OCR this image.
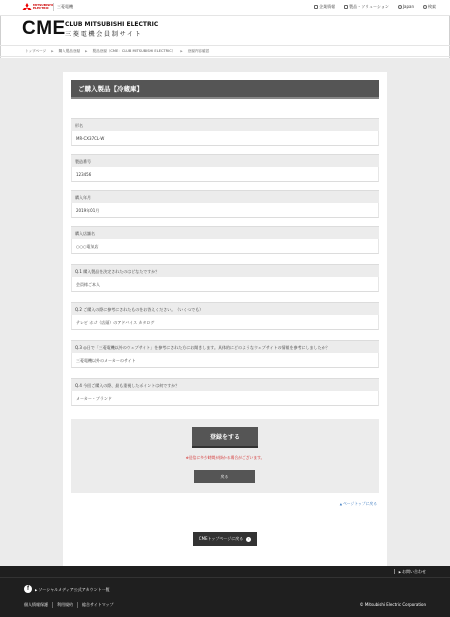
MITSUBISHI ELECTRIC	三菱電機	企業情報	製品・ソリューション	Japan	検索
CME CLUB MITSUBISHI ELECTRIC
三菱電機会員制サイト
トップページ ▶ 購入製品登録 ▶ 製品登録（CME：CLUB MITSUBISHI ELECTRIC） ▶ 登録内容確認
ご購入製品【冷蔵庫】
形名
MR-CX37CL-W
製造番号
123456
購入年月
2019年01月
購入店舗名
○○○電気店
Q.1 購入製品を決定されたのはどなたですか？
会員様ご本人
Q.2 ご購入の際に参考にされたものをお答えください。（いくつでも）
テレビ ホゴ（店頭）のアドバイス カタログ
Q.3 ◎日で「三菱電機以外のウェブサイト」を参考にされた方にお聞きします。具体的にどのようなウェブサイトの情報を参考にしましたか？
三菱電機以外のメーカーのサイト
Q.4 今回ご購入の際、最も重視したポイントは何ですか？
メーカー・ブランド
登録をする
※送信に多少時間が掛かる場合がございます。
戻る
▲ページトップに戻る
CMEトップページに戻る ›
▶お問い合わせ
f	▶ソーシャルメディア公式アカウント一覧
個人情報保護	利用規約	総合サイトマップ	© Mitsubishi Electric Corporation
